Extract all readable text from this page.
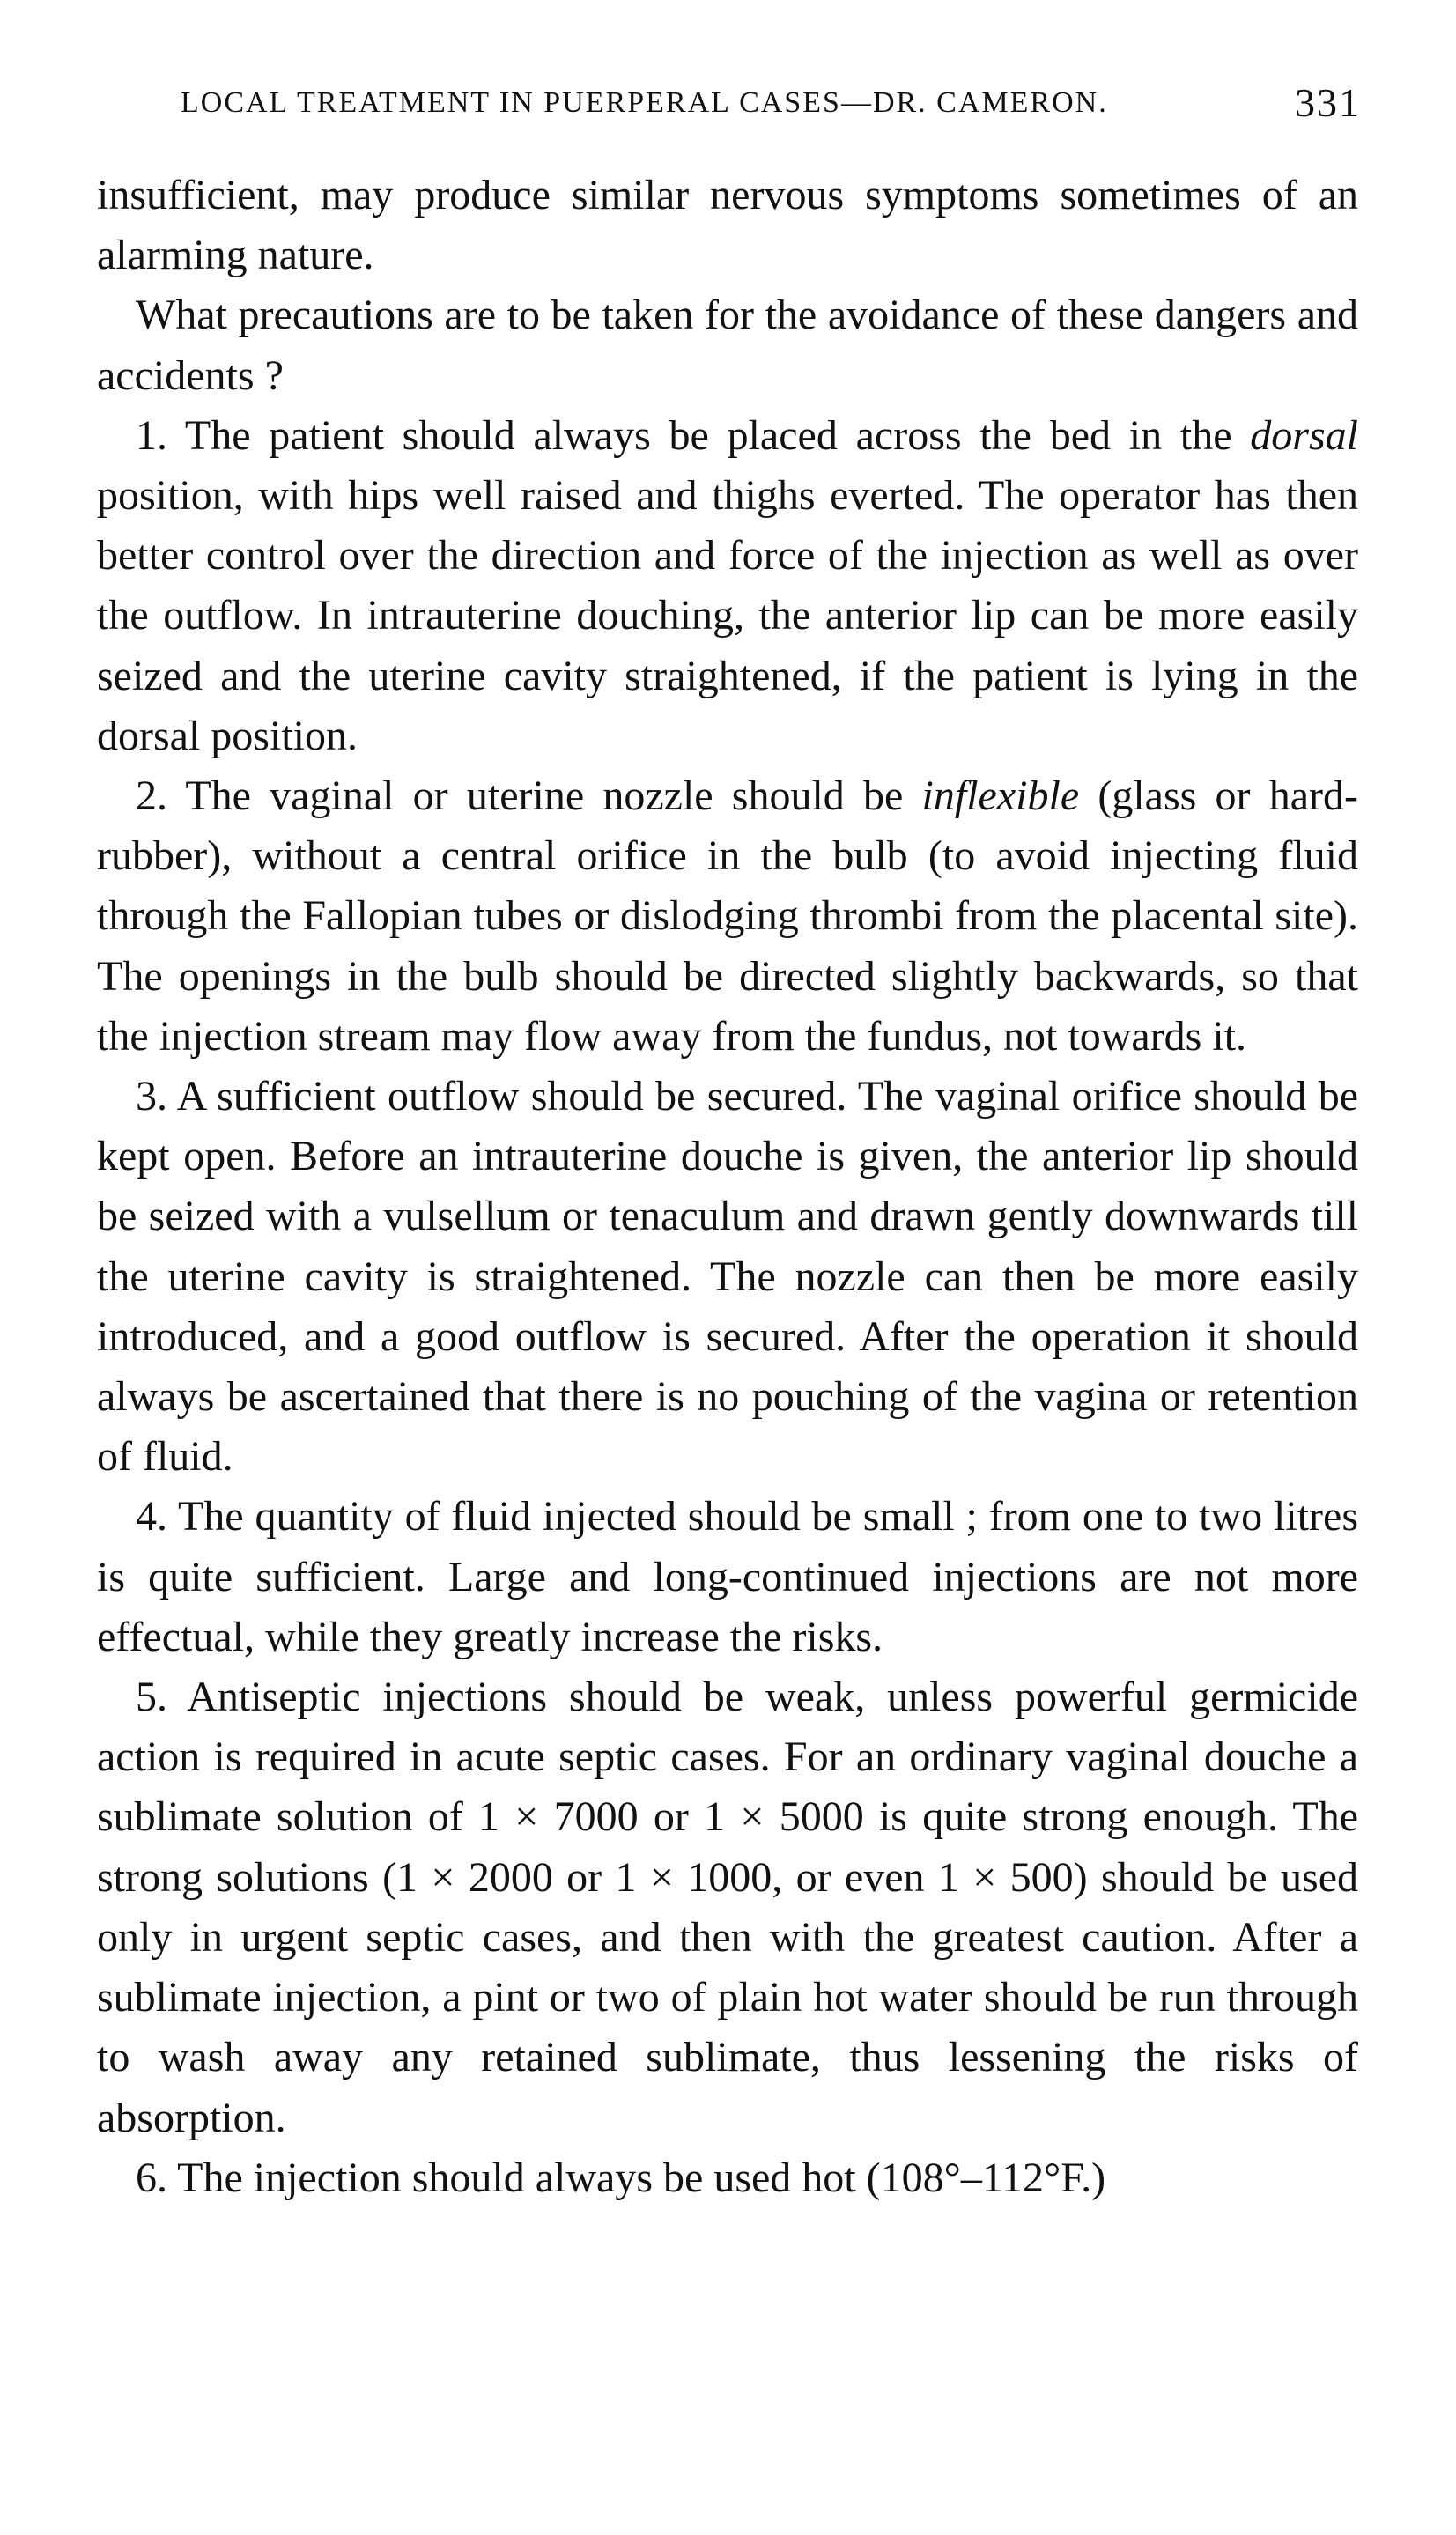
LOCAL TREATMENT IN PUERPERAL CASES—DR. CAMERON.	331

insufficient, may produce similar nervous symptoms sometimes of an alarming nature.

What precautions are to be taken for the avoidance of these dangers and accidents ?

1. The patient should always be placed across the bed in the dorsal position, with hips well raised and thighs everted. The operator has then better control over the direction and force of the injection as well as over the outflow. In intrauterine douching, the anterior lip can be more easily seized and the uterine cavity straightened, if the patient is lying in the dorsal position.

2. The vaginal or uterine nozzle should be inflexible (glass or hard-rubber), without a central orifice in the bulb (to avoid injecting fluid through the Fallopian tubes or dislodging thrombi from the placental site). The openings in the bulb should be directed slightly backwards, so that the injection stream may flow away from the fundus, not towards it.

3. A sufficient outflow should be secured. The vaginal orifice should be kept open. Before an intrauterine douche is given, the anterior lip should be seized with a vulsellum or tenaculum and drawn gently downwards till the uterine cavity is straightened. The nozzle can then be more easily introduced, and a good outflow is secured. After the operation it should always be ascertained that there is no pouching of the vagina or retention of fluid.

4. The quantity of fluid injected should be small ; from one to two litres is quite sufficient. Large and long-continued injections are not more effectual, while they greatly increase the risks.

5. Antiseptic injections should be weak, unless powerful germicide action is required in acute septic cases. For an ordinary vaginal douche a sublimate solution of 1 × 7000 or 1 × 5000 is quite strong enough. The strong solutions (1 × 2000 or 1 × 1000, or even 1 × 500) should be used only in urgent septic cases, and then with the greatest caution. After a sublimate injection, a pint or two of plain hot water should be run through to wash away any retained sublimate, thus lessening the risks of absorption.

6. The injection should always be used hot (108°–112°F.)
